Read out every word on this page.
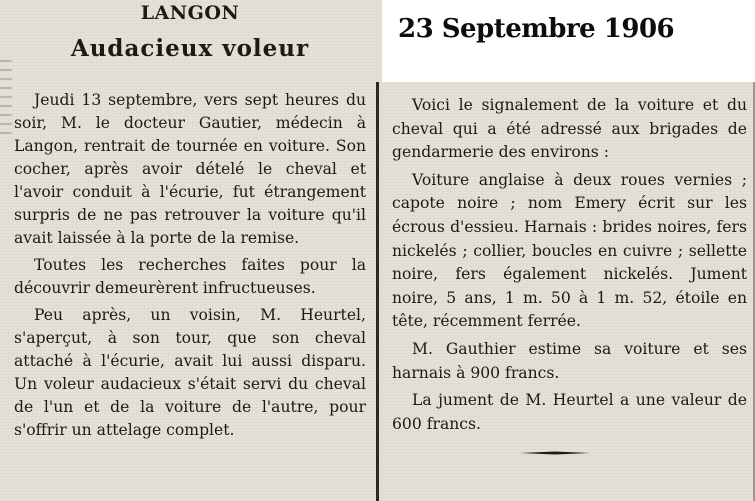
LANGON
Audacieux voleur
23 Septembre 1906

Jeudi 13 septembre, vers sept heures du soir, M. le docteur Gautier, médecin à Langon, rentrait de tournée en voiture. Son cocher, après avoir dételé le cheval et l'avoir conduit à l'écurie, fut étrangement surpris de ne pas retrouver la voiture qu'il avait laissée à la porte de la remise.

Toutes les recherches faites pour la découvrir demeurèrent infructueuses.

Peu après, un voisin, M. Heurtel, s'aperçut, à son tour, que son cheval attaché à l'écurie, avait lui aussi disparu. Un voleur audacieux s'était servi du cheval de l'un et de la voiture de l'autre, pour s'offrir un attelage complet.

Voici le signalement de la voiture et du cheval qui a été adressé aux brigades de gendarmerie des environs :

Voiture anglaise à deux roues vernies ; capote noire ; nom Emery écrit sur les écrous d'essieu. Harnais : brides noires, fers nickelés ; collier, boucles en cuivre ; sellette noire, fers également nickelés. Jument noire, 5 ans, 1 m. 50 à 1 m. 52, étoile en tête, récemment ferrée.

M. Gauthier estime sa voiture et ses harnais à 900 francs.

La jument de M. Heurtel a une valeur de 600 francs.
